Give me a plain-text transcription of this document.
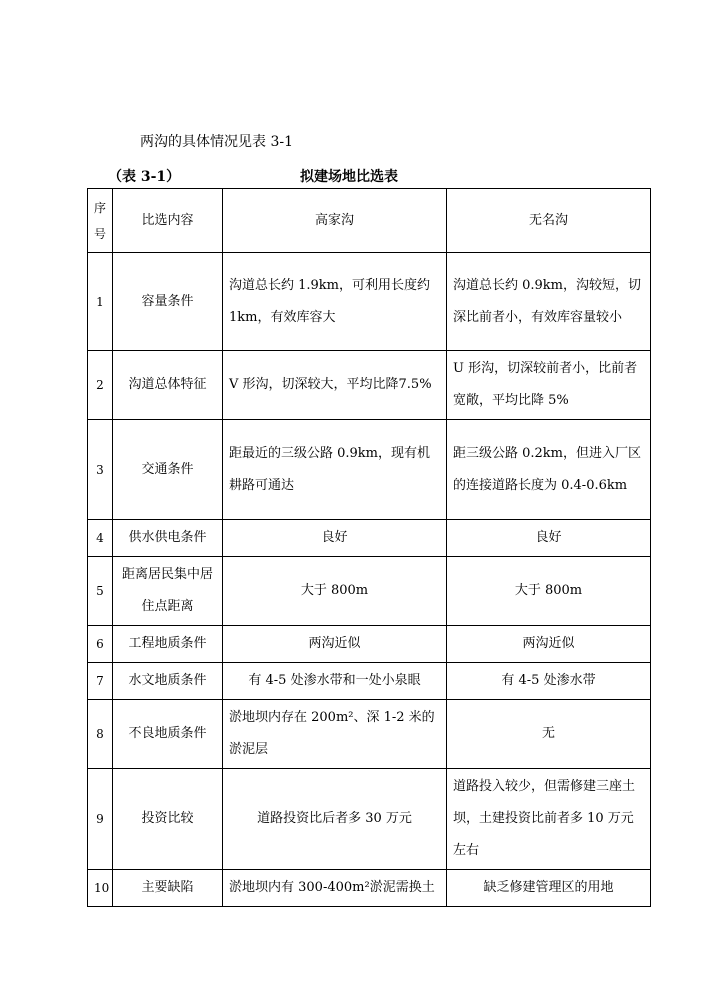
两沟的具体情况见表 3-1
（表 3-1）	拟建场地比选表
序号	比选内容	高家沟	无名沟
1	容量条件	沟道总长约 1.9km，可利用长度约1km，有效库容大	沟道总长约 0.9km，沟较短，切深比前者小，有效库容量较小
2	沟道总体特征	V 形沟，切深较大，平均比降7.5%	U 形沟，切深较前者小，比前者宽敞，平均比降 5%
3	交通条件	距最近的三级公路 0.9km，现有机耕路可通达	距三级公路 0.2km，但进入厂区的连接道路长度为 0.4-0.6km
4	供水供电条件	良好	良好
5	距离居民集中居住点距离	大于 800m	大于 800m
6	工程地质条件	两沟近似	两沟近似
7	水文地质条件	有 4-5 处渗水带和一处小泉眼	有 4-5 处渗水带
8	不良地质条件	淤地坝内存在 200m²、深 1-2 米的淤泥层	无
9	投资比较	道路投资比后者多 30 万元	道路投入较少，但需修建三座土坝，土建投资比前者多 10 万元左右
10	主要缺陷	淤地坝内有 300-400m²淤泥需换土	缺乏修建管理区的用地
